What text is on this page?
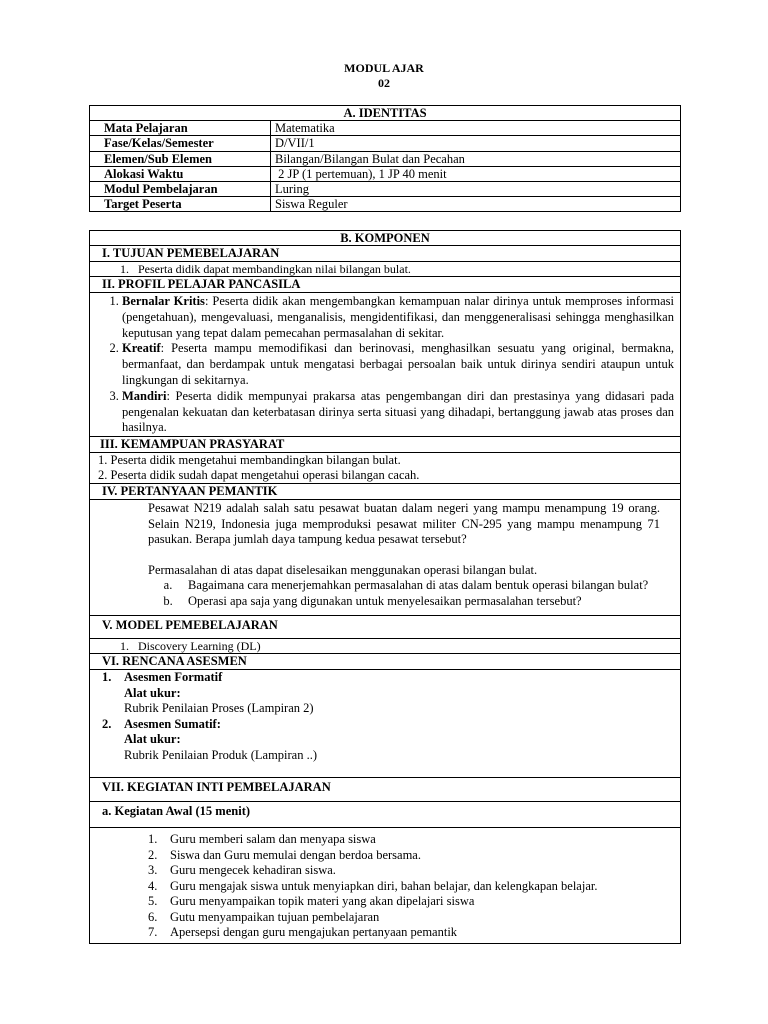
MODUL AJAR
02
A. IDENTITAS	
Mata Pelajaran	Matematika
Fase/Kelas/Semester	D/VII/1
Elemen/Sub Elemen	Bilangan/Bilangan Bulat dan Pecahan
Alokasi Waktu	2 JP (1 pertemuan), 1 JP 40 menit
Modul Pembelajaran	Luring
Target Peserta	Siswa Reguler
B. KOMPONEN
I. TUJUAN PEMEBELAJARAN
1.   Peserta didik dapat membandingkan nilai bilangan bulat.
II. PROFIL PELAJAR PANCASILA

1. Bernalar Kritis: Peserta didik akan mengembangkan kemampuan nalar dirinya untuk memproses informasi (pengetahuan), mengevaluasi, menganalisis, mengidentifikasi, dan menggeneralisasi sehingga menghasilkan keputusan yang tepat dalam pemecahan permasalahan di sekitar.
2. Kreatif: Peserta mampu memodifikasi dan berinovasi, menghasilkan sesuatu yang original, bermakna, bermanfaat, dan berdampak untuk mengatasi berbagai persoalan baik untuk dirinya sendiri ataupun untuk lingkungan di sekitarnya.
3. Mandiri: Peserta didik mempunyai prakarsa atas pengembangan diri dan prestasinya yang didasari pada pengenalan kekuatan dan keterbatasan dirinya serta situasi yang dihadapi, bertanggung jawab atas proses dan hasilnya.

III. KEMAMPUAN PRASYARAT

1. Peserta didik mengetahui membandingkan bilangan bulat.
2. Peserta didik sudah dapat mengetahui operasi bilangan cacah.

IV. PERTANYAAN PEMANTIK

Pesawat N219 adalah salah satu pesawat buatan dalam negeri yang mampu menampung 19 orang. Selain N219, Indonesia juga memproduksi pesawat militer CN-295 yang mampu menampung 71 pasukan. Berapa jumlah daya tampung kedua pesawat tersebut?
Permasalahan di atas dapat diselesaikan menggunakan operasi bilangan bulat.
a.	Bagaimana cara menerjemahkan permasalahan di atas dalam bentuk operasi bilangan bulat?
b.	Operasi apa saja yang digunakan untuk menyelesaikan permasalahan tersebut?

V. MODEL PEMEBELAJARAN
1.   Discovery Learning (DL)
VI. RENCANA ASESMEN

1. Asesmen Formatif
Alat ukur:
Rubrik Penilaian Proses (Lampiran 2)
2. Asesmen Sumatif:
Alat ukur:
Rubrik Penilaian Produk (Lampiran ..)

VII. KEGIATAN INTI PEMBELAJARAN
a. Kegiatan Awal (15 menit)

1. Guru memberi salam dan menyapa siswa
2. Siswa dan Guru memulai dengan berdoa bersama.
3. Guru mengecek kehadiran siswa.
4. Guru mengajak siswa untuk menyiapkan diri, bahan belajar, dan kelengkapan belajar.
5. Guru menyampaikan topik materi yang akan dipelajari siswa
6. Gutu menyampaikan tujuan pembelajaran
7. Apersepsi dengan guru mengajukan pertanyaan pemantik
